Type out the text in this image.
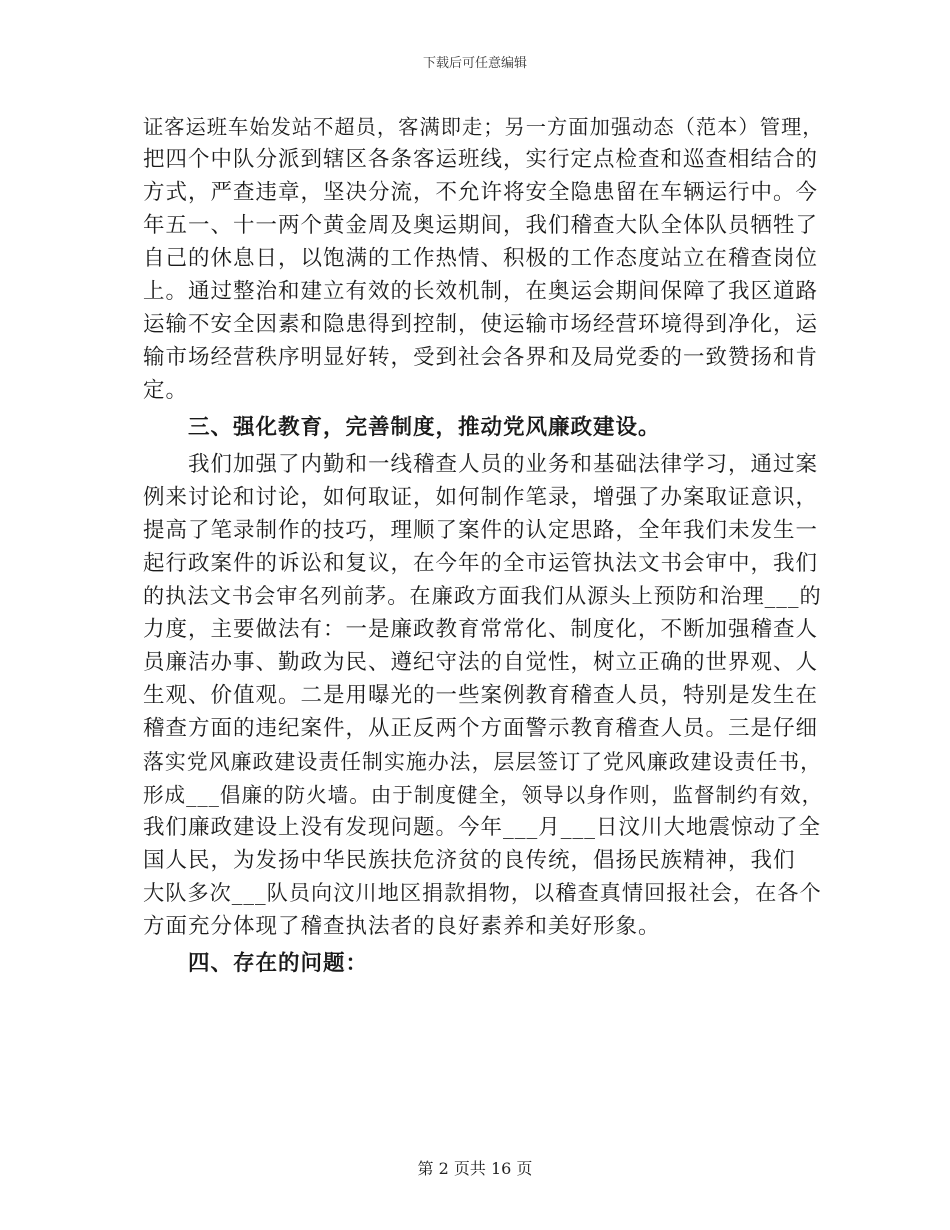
下载后可任意编辑
证客运班车始发站不超员，客满即走；另一方面加强动态（范本）管理，
把四个中队分派到辖区各条客运班线，实行定点检查和巡查相结合的
方式，严查违章，坚决分流，不允许将安全隐患留在车辆运行中。今
年五一、十一两个黄金周及奥运期间，我们稽查大队全体队员牺牲了
自己的休息日，以饱满的工作热情、积极的工作态度站立在稽查岗位
上。通过整治和建立有效的长效机制，在奥运会期间保障了我区道路
运输不安全因素和隐患得到控制，使运输市场经营环境得到净化，运
输市场经营秩序明显好转，受到社会各界和及局党委的一致赞扬和肯
定。
三、强化教育，完善制度，推动党风廉政建设。
我们加强了内勤和一线稽查人员的业务和基础法律学习，通过案
例来讨论和讨论，如何取证，如何制作笔录，增强了办案取证意识，
提高了笔录制作的技巧，理顺了案件的认定思路，全年我们未发生一
起行政案件的诉讼和复议，在今年的全市运管执法文书会审中，我们
的执法文书会审名列前茅。在廉政方面我们从源头上预防和治理___的
力度，主要做法有：一是廉政教育常常化、制度化，不断加强稽查人
员廉洁办事、勤政为民、遵纪守法的自觉性，树立正确的世界观、人
生观、价值观。二是用曝光的一些案例教育稽查人员，特别是发生在
稽查方面的违纪案件，从正反两个方面警示教育稽查人员。三是仔细
落实党风廉政建设责任制实施办法，层层签订了党风廉政建设责任书，
形成___倡廉的防火墙。由于制度健全，领导以身作则，监督制约有效，
我们廉政建设上没有发现问题。今年___月___日汶川大地震惊动了全
国人民，为发扬中华民族扶危济贫的良传统，倡扬民族精神，我们
大队多次___队员向汶川地区捐款捐物，以稽查真情回报社会，在各个
方面充分体现了稽查执法者的良好素养和美好形象。
四、存在的问题：
第 2 页共 16 页
